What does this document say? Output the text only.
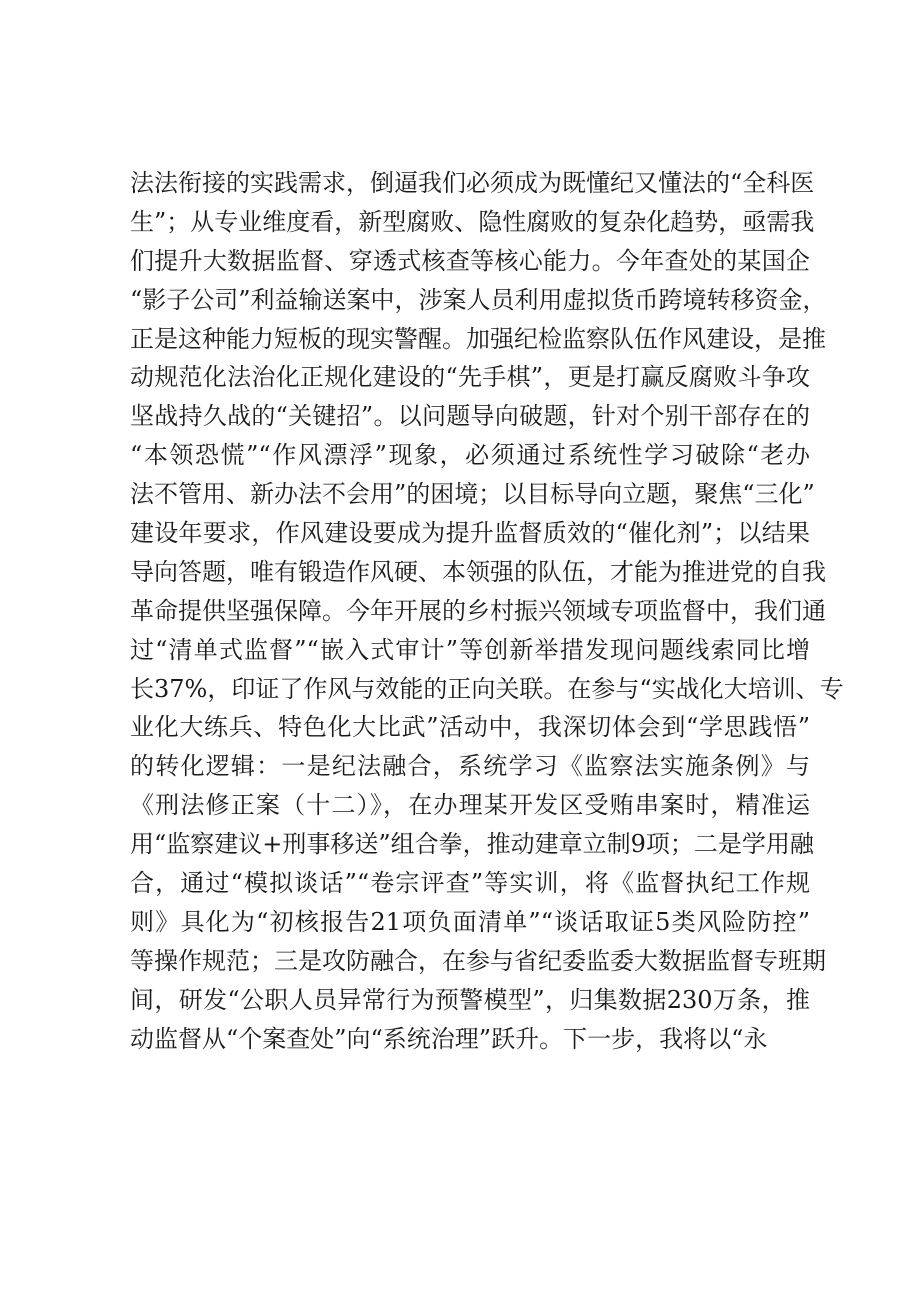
法法衔接的实践需求，倒逼我们必须成为既懂纪又懂法的“全科医
生”；从专业维度看，新型腐败、隐性腐败的复杂化趋势，亟需我
们提升大数据监督、穿透式核查等核心能力。今年查处的某国企
“影子公司”利益输送案中，涉案人员利用虚拟货币跨境转移资金，
正是这种能力短板的现实警醒。加强纪检监察队伍作风建设，是推
动规范化法治化正规化建设的“先手棋”，更是打赢反腐败斗争攻
坚战持久战的“关键招”。以问题导向破题，针对个别干部存在的
“本领恐慌”“作风漂浮”现象，必须通过系统性学习破除“老办
法不管用、新办法不会用”的困境；以目标导向立题，聚焦“三化”
建设年要求，作风建设要成为提升监督质效的“催化剂”；以结果
导向答题，唯有锻造作风硬、本领强的队伍，才能为推进党的自我
革命提供坚强保障。今年开展的乡村振兴领域专项监督中，我们通
过“清单式监督”“嵌入式审计”等创新举措发现问题线索同比增
长37%，印证了作风与效能的正向关联。在参与“实战化大培训、专
业化大练兵、特色化大比武”活动中，我深切体会到“学思践悟”
的转化逻辑：一是纪法融合，系统学习《监察法实施条例》与
《刑法修正案（十二）》，在办理某开发区受贿串案时，精准运
用“监察建议+刑事移送”组合拳，推动建章立制9项；二是学用融
合，通过“模拟谈话”“卷宗评查”等实训，将《监督执纪工作规
则》具化为“初核报告21项负面清单”“谈话取证5类风险防控”
等操作规范；三是攻防融合，在参与省纪委监委大数据监督专班期
间，研发“公职人员异常行为预警模型”，归集数据230万条，推
动监督从“个案查处”向“系统治理”跃升。下一步，我将以“永
